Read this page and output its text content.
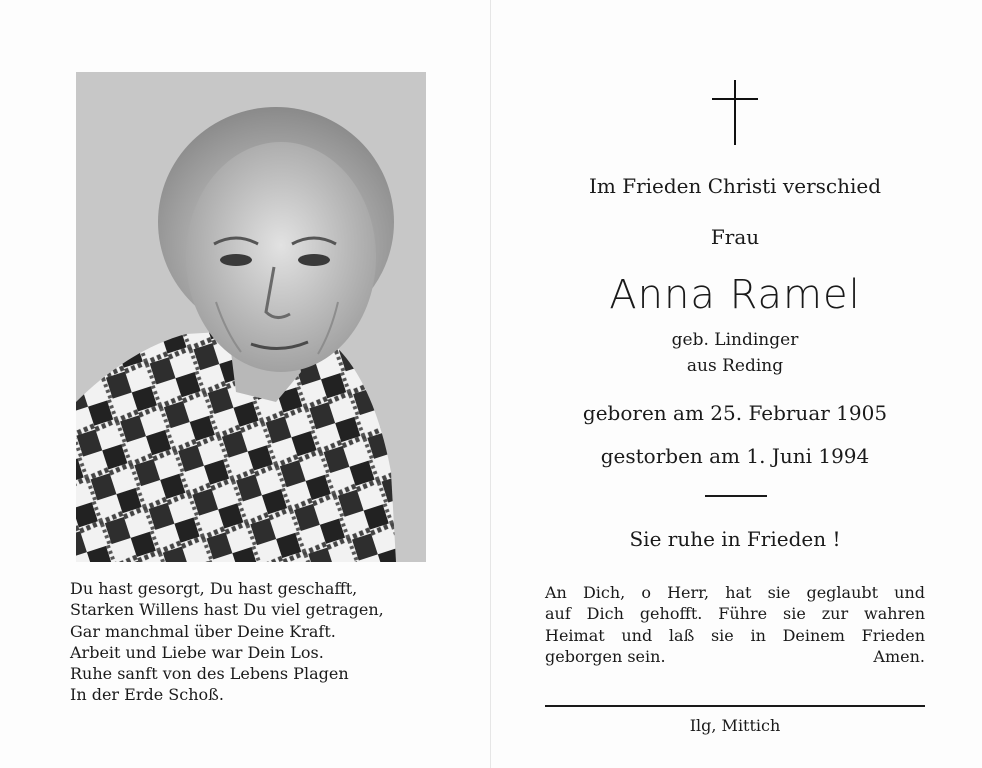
Du hast gesorgt, Du hast geschafft,
Starken Willens hast Du viel getragen,
Gar manchmal über Deine Kraft.
Arbeit und Liebe war Dein Los.
Ruhe sanft von des Lebens Plagen
In der Erde Schoß.
Im Frieden Christi verschied
Frau
Anna Ramel
geb. Lindinger
aus Reding
geboren am 25. Februar 1905
gestorben am 1. Juni 1994
Sie ruhe in Frieden !
An Dich, o Herr, hat sie geglaubt und
auf Dich gehofft. Führe sie zur wahren
Heimat und laß sie in Deinem Frieden
geborgen sein.	Amen.
Ilg, Mittich
